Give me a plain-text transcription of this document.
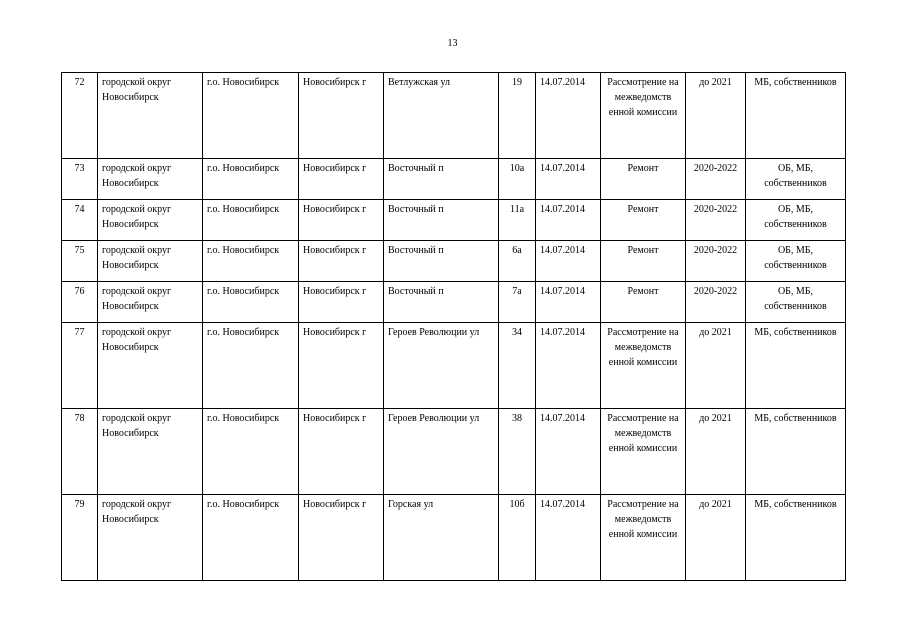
13
72	городской округ Новосибирск	г.о. Новосибирск	Новосибирск г	Ветлужская ул	19	14.07.2014	Рассмотрение на межведомств енной комиссии	до 2021	МБ, собственников
73	городской округ Новосибирск	г.о. Новосибирск	Новосибирск г	Восточный п	10а	14.07.2014	Ремонт	2020-2022	ОБ, МБ, собственников
74	городской округ Новосибирск	г.о. Новосибирск	Новосибирск г	Восточный п	11а	14.07.2014	Ремонт	2020-2022	ОБ, МБ, собственников
75	городской округ Новосибирск	г.о. Новосибирск	Новосибирск г	Восточный п	6а	14.07.2014	Ремонт	2020-2022	ОБ, МБ, собственников
76	городской округ Новосибирск	г.о. Новосибирск	Новосибирск г	Восточный п	7а	14.07.2014	Ремонт	2020-2022	ОБ, МБ, собственников
77	городской округ Новосибирск	г.о. Новосибирск	Новосибирск г	Героев Революции ул	34	14.07.2014	Рассмотрение на межведомств енной комиссии	до 2021	МБ, собственников
78	городской округ Новосибирск	г.о. Новосибирск	Новосибирск г	Героев Революции ул	38	14.07.2014	Рассмотрение на межведомств енной комиссии	до 2021	МБ, собственников
79	городской округ Новосибирск	г.о. Новосибирск	Новосибирск г	Горская ул	10б	14.07.2014	Рассмотрение на межведомств енной комиссии	до 2021	МБ, собственников
